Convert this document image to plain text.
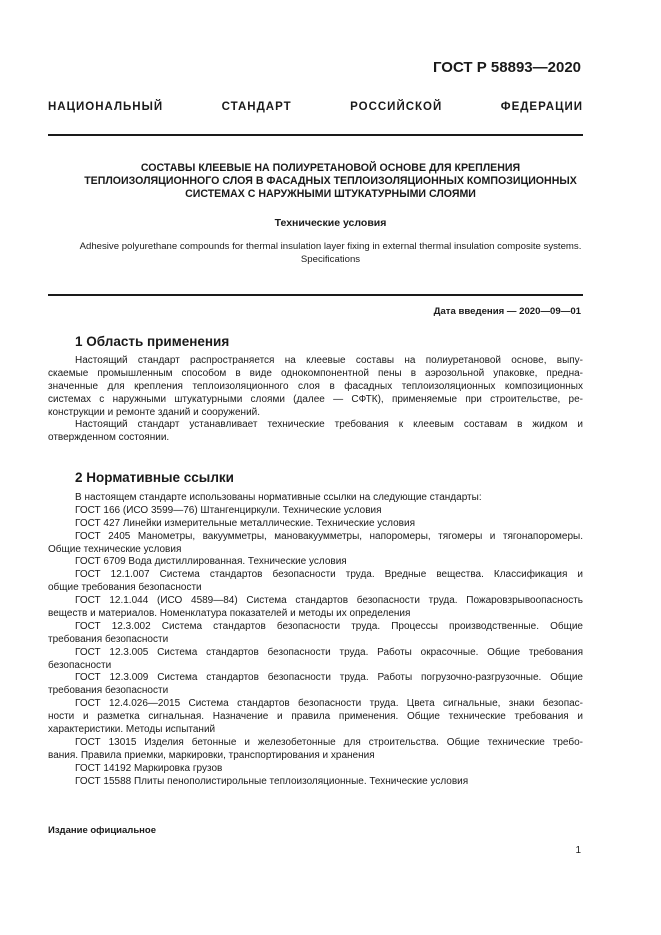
ГОСТ Р 58893—2020
НАЦИОНАЛЬНЫЙ СТАНДАРТ РОССИЙСКОЙ ФЕДЕРАЦИИ
СОСТАВЫ КЛЕЕВЫЕ НА ПОЛИУРЕТАНОВОЙ ОСНОВЕ ДЛЯ КРЕПЛЕНИЯ
ТЕПЛОИЗОЛЯЦИОННОГО СЛОЯ В ФАСАДНЫХ ТЕПЛОИЗОЛЯЦИОННЫХ КОМПОЗИЦИОННЫХ
СИСТЕМАХ С НАРУЖНЫМИ ШТУКАТУРНЫМИ СЛОЯМИ
Технические условия
Adhesive polyurethane compounds for thermal insulation layer fixing in external thermal insulation composite systems.
Specifications
Дата введения — 2020—09—01
1 Область применения
Настоящий стандарт распространяется на клеевые составы на полиуретановой основе, выпу-
скаемые промышленным способом в виде однокомпонентной пены в аэрозольной упаковке, предна-
значенные для крепления теплоизоляционного слоя в фасадных теплоизоляционных композиционных
системах с наружными штукатурными слоями (далее — СФТК), применяемые при строительстве, ре-
конструкции и ремонте зданий и сооружений.
Настоящий стандарт устанавливает технические требования к клеевым составам в жидком и
отвержденном состоянии.
2 Нормативные ссылки
В настоящем стандарте использованы нормативные ссылки на следующие стандарты:
ГОСТ 166 (ИСО 3599—76) Штангенциркули. Технические условия
ГОСТ 427 Линейки измерительные металлические. Технические условия
ГОСТ 2405 Манометры, вакуумметры, мановакуумметры, напоромеры, тягомеры и тягонапоромеры.
Общие технические условия
ГОСТ 6709 Вода дистиллированная. Технические условия
ГОСТ 12.1.007 Система стандартов безопасности труда. Вредные вещества. Классификация и
общие требования безопасности
ГОСТ 12.1.044 (ИСО 4589—84) Система стандартов безопасности труда. Пожаровзрывоопасность
веществ и материалов. Номенклатура показателей и методы их определения
ГОСТ 12.3.002 Система стандартов безопасности труда. Процессы производственные. Общие
требования безопасности
ГОСТ 12.3.005 Система стандартов безопасности труда. Работы окрасочные. Общие требования
безопасности
ГОСТ 12.3.009 Система стандартов безопасности труда. Работы погрузочно-разгрузочные. Общие
требования безопасности
ГОСТ 12.4.026—2015 Система стандартов безопасности труда. Цвета сигнальные, знаки безопас-
ности и разметка сигнальная. Назначение и правила применения. Общие технические требования и
характеристики. Методы испытаний
ГОСТ 13015 Изделия бетонные и железобетонные для строительства. Общие технические требо-
вания. Правила приемки, маркировки, транспортирования и хранения
ГОСТ 14192 Маркировка грузов
ГОСТ 15588 Плиты пенополистирольные теплоизоляционные. Технические условия
Издание официальное
1
